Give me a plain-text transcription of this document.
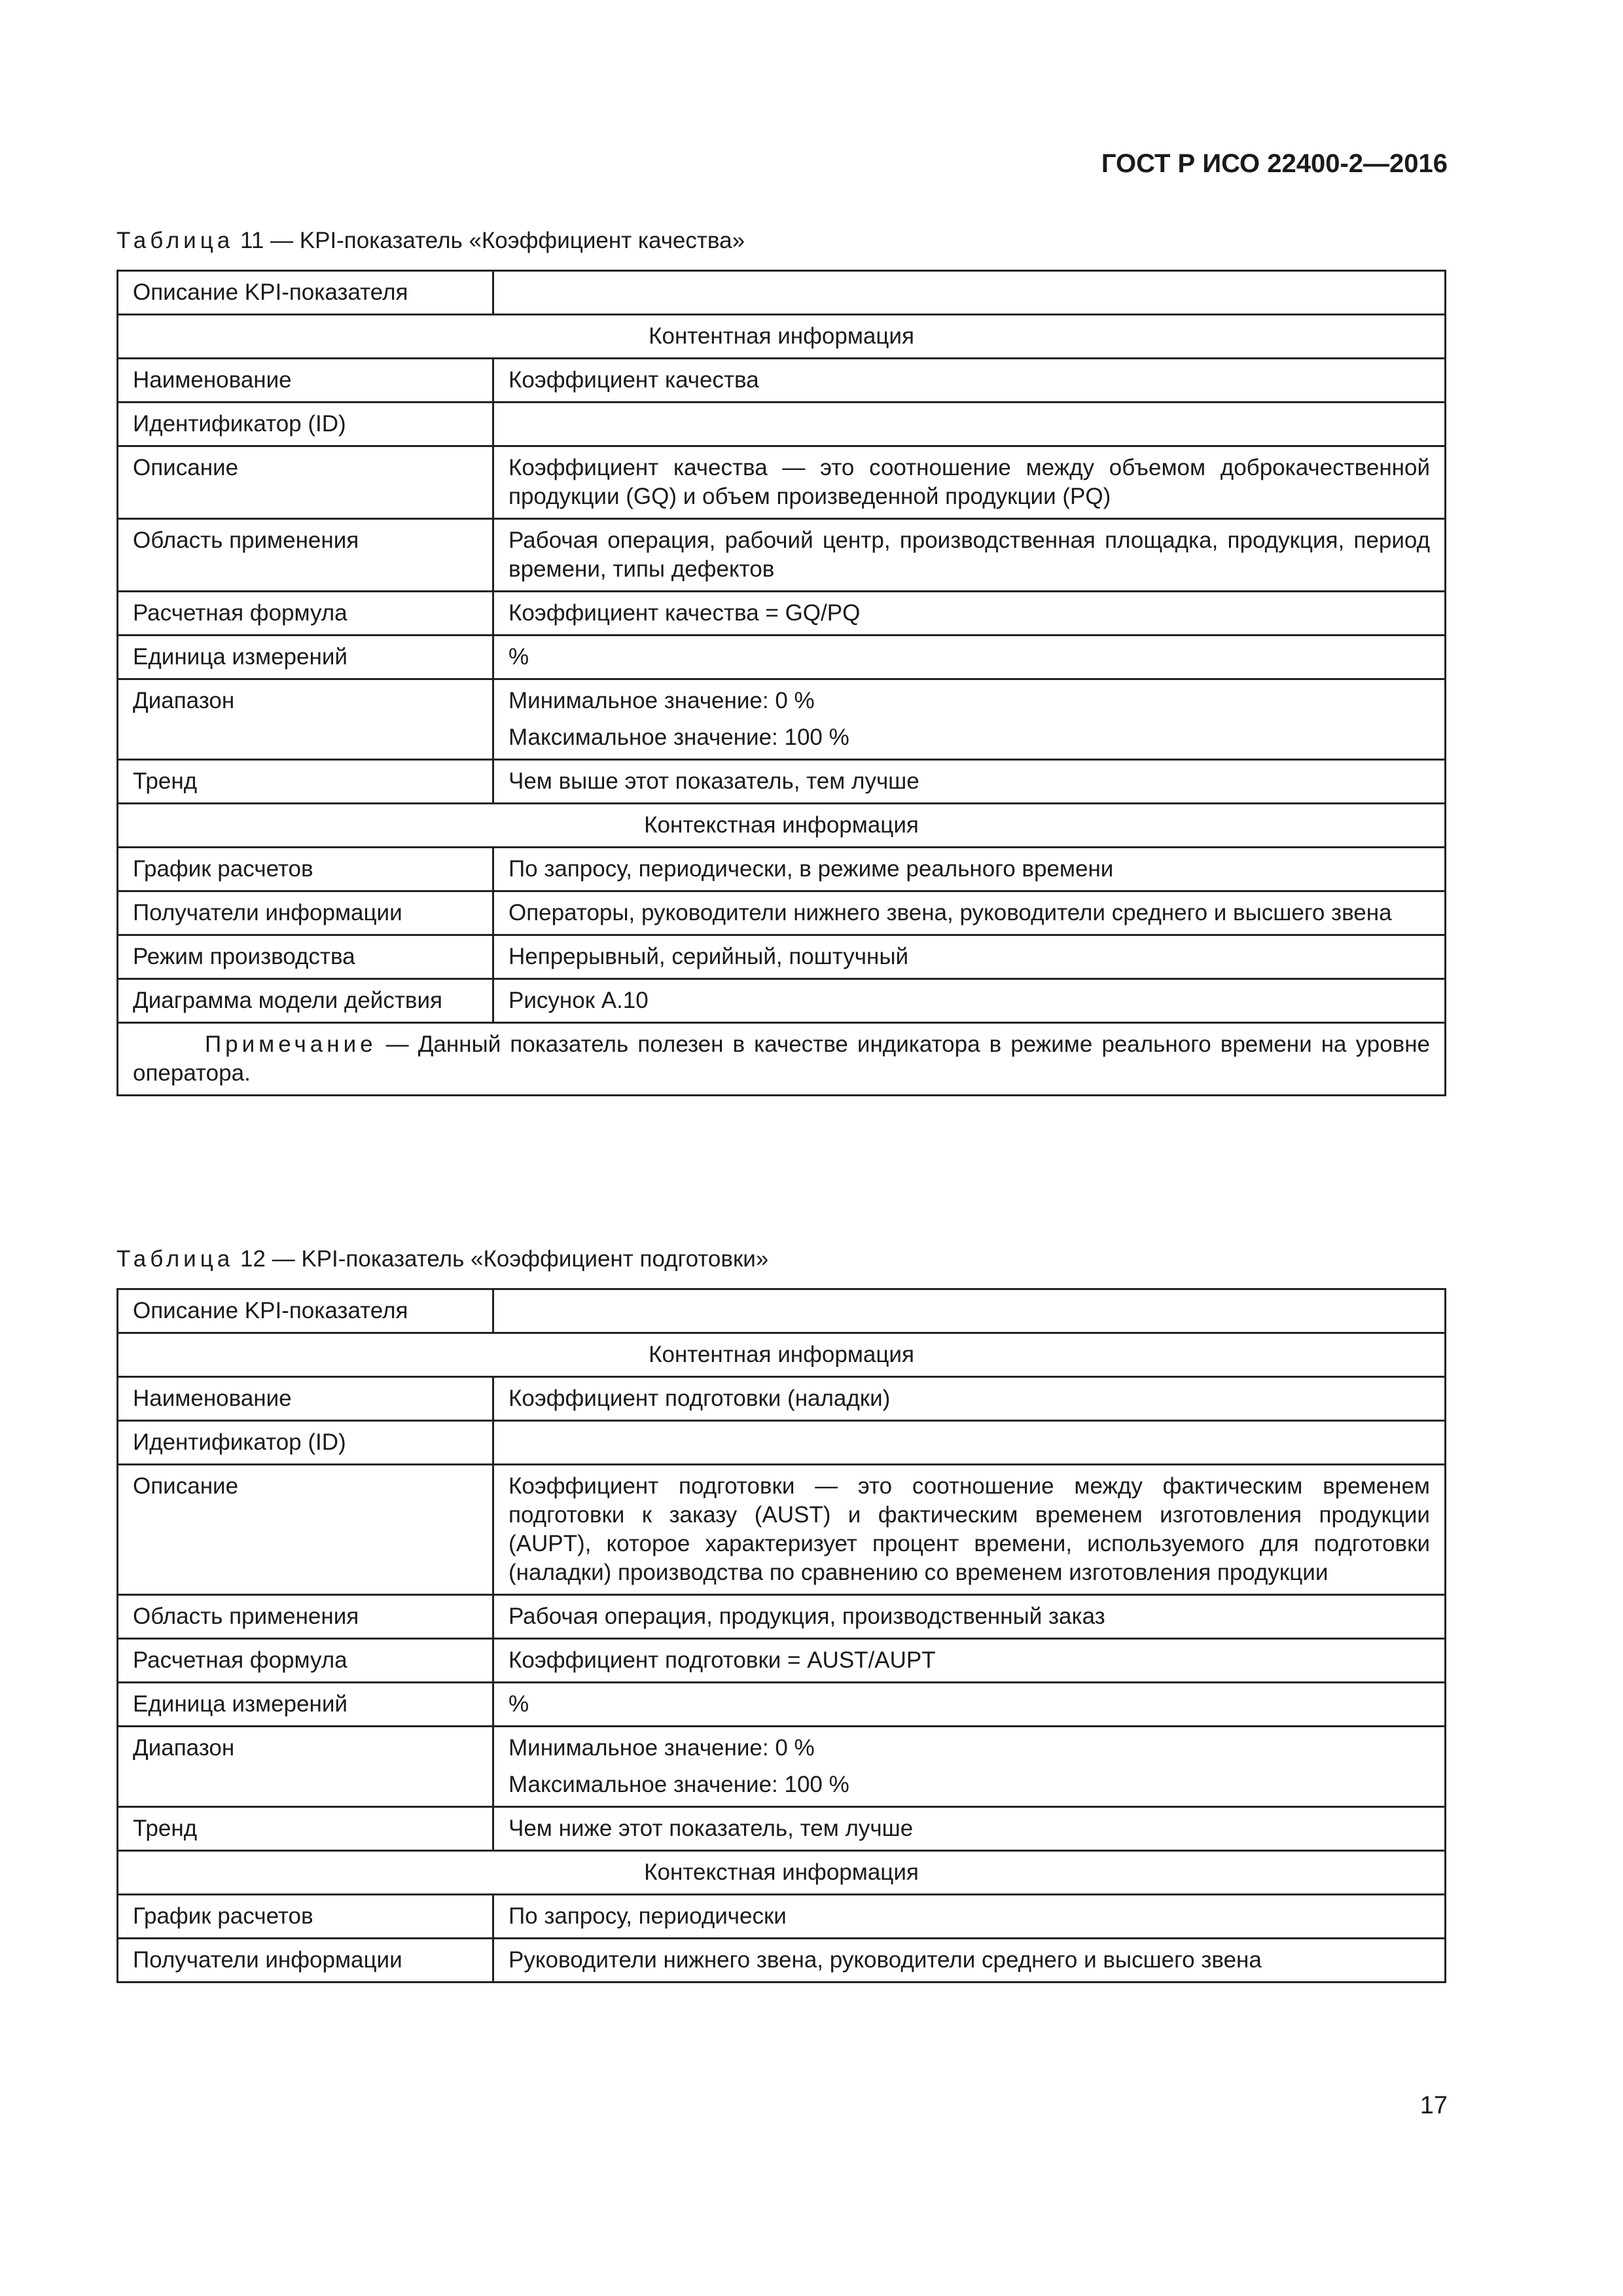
ГОСТ Р ИСО 22400-2—2016
Таблица 11 — KPI-показатель «Коэффициент качества»
Описание KPI-показателя	
Контентная информация	
Наименование	Коэффициент качества
Идентификатор (ID)	
Описание	Коэффициент качества — это соотношение между объемом доброкачественной продукции (GQ) и объем произведенной продукции (PQ)
Область применения	Рабочая операция, рабочий центр, производственная площадка, продукция, период времени, типы дефектов
Расчетная формула	Коэффициент качества = GQ/PQ
Единица измерений	%
Диапазон	Минимальное значение: 0 %
Максимальное значение: 100 %

Тренд	Чем выше этот показатель, тем лучше
Контекстная информация	
График расчетов	По запросу, периодически, в режиме реального времени
Получатели информации	Операторы, руководители нижнего звена, руководители среднего и высшего звена
Режим производства	Непрерывный, серийный, поштучный
Диаграмма модели действия	Рисунок А.10
Примечание — Данный показатель полезен в качестве индикатора в режиме реального времени на уровне оператора.	
Таблица 12 — KPI-показатель «Коэффициент подготовки»
Описание KPI-показателя	
Контентная информация	
Наименование	Коэффициент подготовки (наладки)
Идентификатор (ID)	
Описание	Коэффициент подготовки — это соотношение между фактическим временем подготовки к заказу (AUST) и фактическим временем изготовления продукции (AUPT), которое характеризует процент времени, используемого для подготовки (наладки) производства по сравнению со временем изготовления продукции
Область применения	Рабочая операция, продукция, производственный заказ
Расчетная формула	Коэффициент подготовки = AUST/AUPT
Единица измерений	%
Диапазон	Минимальное значение: 0 %
Максимальное значение: 100 %

Тренд	Чем ниже этот показатель, тем лучше
Контекстная информация	
График расчетов	По запросу, периодически
Получатели информации	Руководители нижнего звена, руководители среднего и высшего звена
17
